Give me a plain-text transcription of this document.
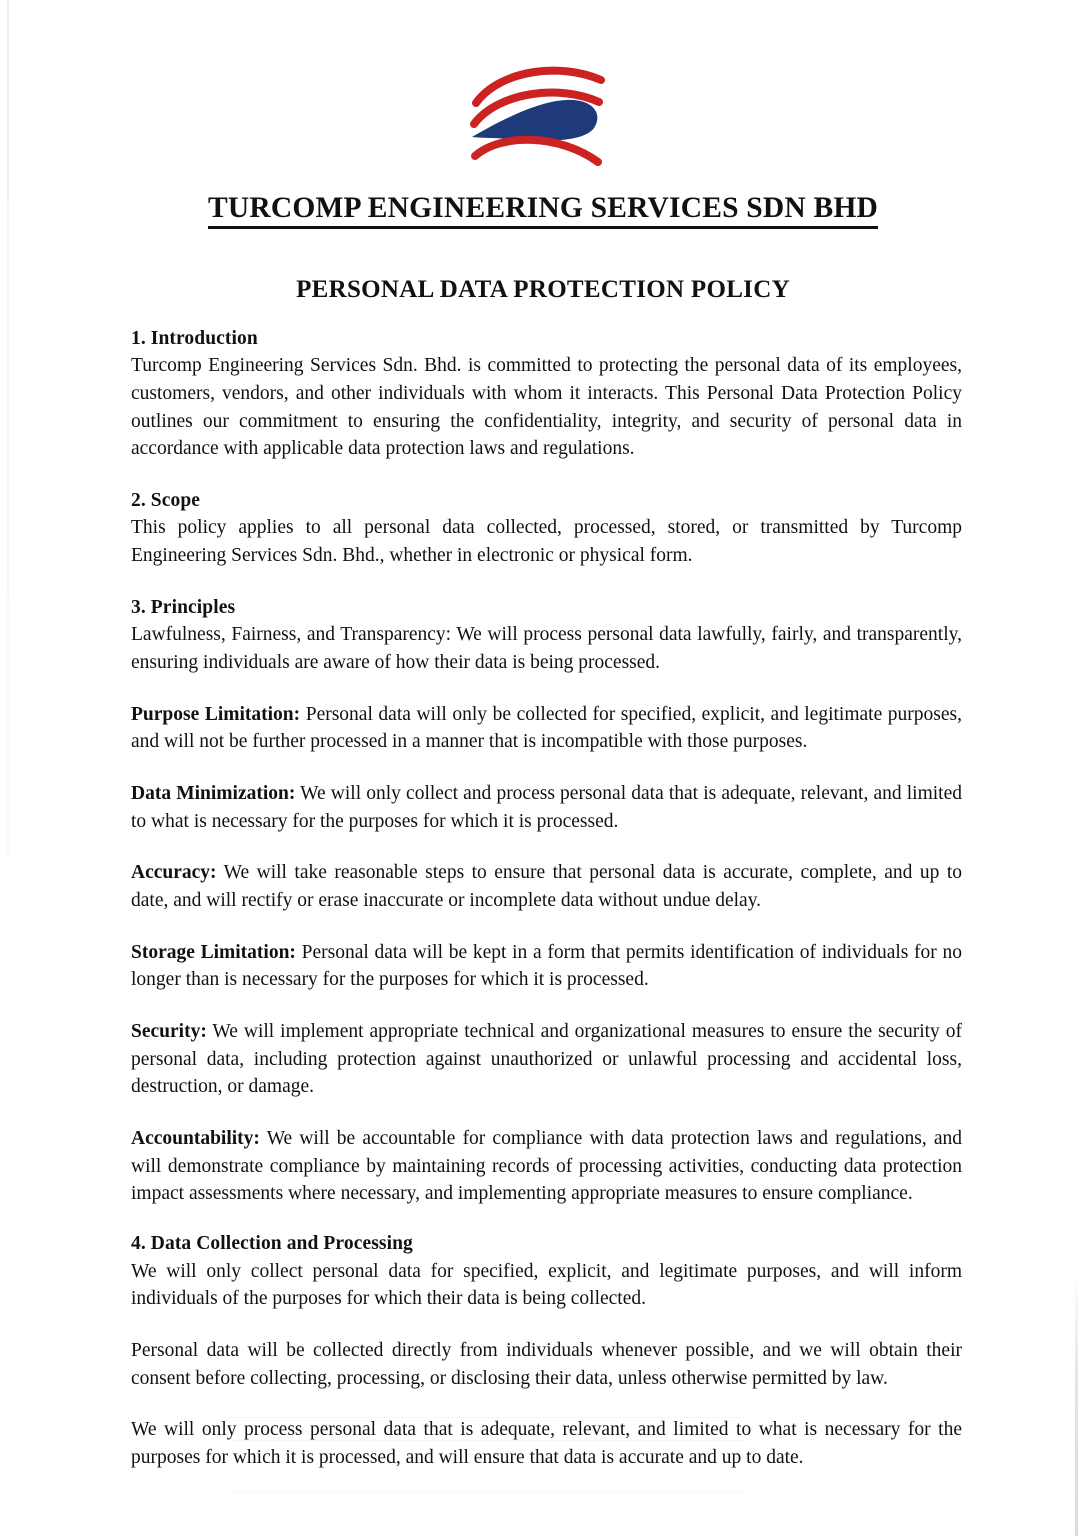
TURCOMP ENGINEERING SERVICES SDN BHD
PERSONAL DATA PROTECTION POLICY
1. Introduction

Turcomp Engineering Services Sdn. Bhd. is committed to protecting the personal data of its employees, customers, vendors, and other individuals with whom it interacts. This Personal Data Protection Policy outlines our commitment to ensuring the confidentiality, integrity, and security of personal data in accordance with applicable data protection laws and regulations.

2. Scope

This policy applies to all personal data collected, processed, stored, or transmitted by Turcomp Engineering Services Sdn. Bhd., whether in electronic or physical form.

3. Principles

Lawfulness, Fairness, and Transparency: We will process personal data lawfully, fairly, and transparently, ensuring individuals are aware of how their data is being processed.

Purpose Limitation: Personal data will only be collected for specified, explicit, and legitimate purposes, and will not be further processed in a manner that is incompatible with those purposes.

Data Minimization: We will only collect and process personal data that is adequate, relevant, and limited to what is necessary for the purposes for which it is processed.

Accuracy: We will take reasonable steps to ensure that personal data is accurate, complete, and up to date, and will rectify or erase inaccurate or incomplete data without undue delay.

Storage Limitation: Personal data will be kept in a form that permits identification of individuals for no longer than is necessary for the purposes for which it is processed.

Security: We will implement appropriate technical and organizational measures to ensure the security of personal data, including protection against unauthorized or unlawful processing and accidental loss, destruction, or damage.

Accountability: We will be accountable for compliance with data protection laws and regulations, and will demonstrate compliance by maintaining records of processing activities, conducting data protection impact assessments where necessary, and implementing appropriate measures to ensure compliance.

4. Data Collection and Processing

We will only collect personal data for specified, explicit, and legitimate purposes, and will inform individuals of the purposes for which their data is being collected.

Personal data will be collected directly from individuals whenever possible, and we will obtain their consent before collecting, processing, or disclosing their data, unless otherwise permitted by law.

We will only process personal data that is adequate, relevant, and limited to what is necessary for the purposes for which it is processed, and will ensure that data is accurate and up to date.
